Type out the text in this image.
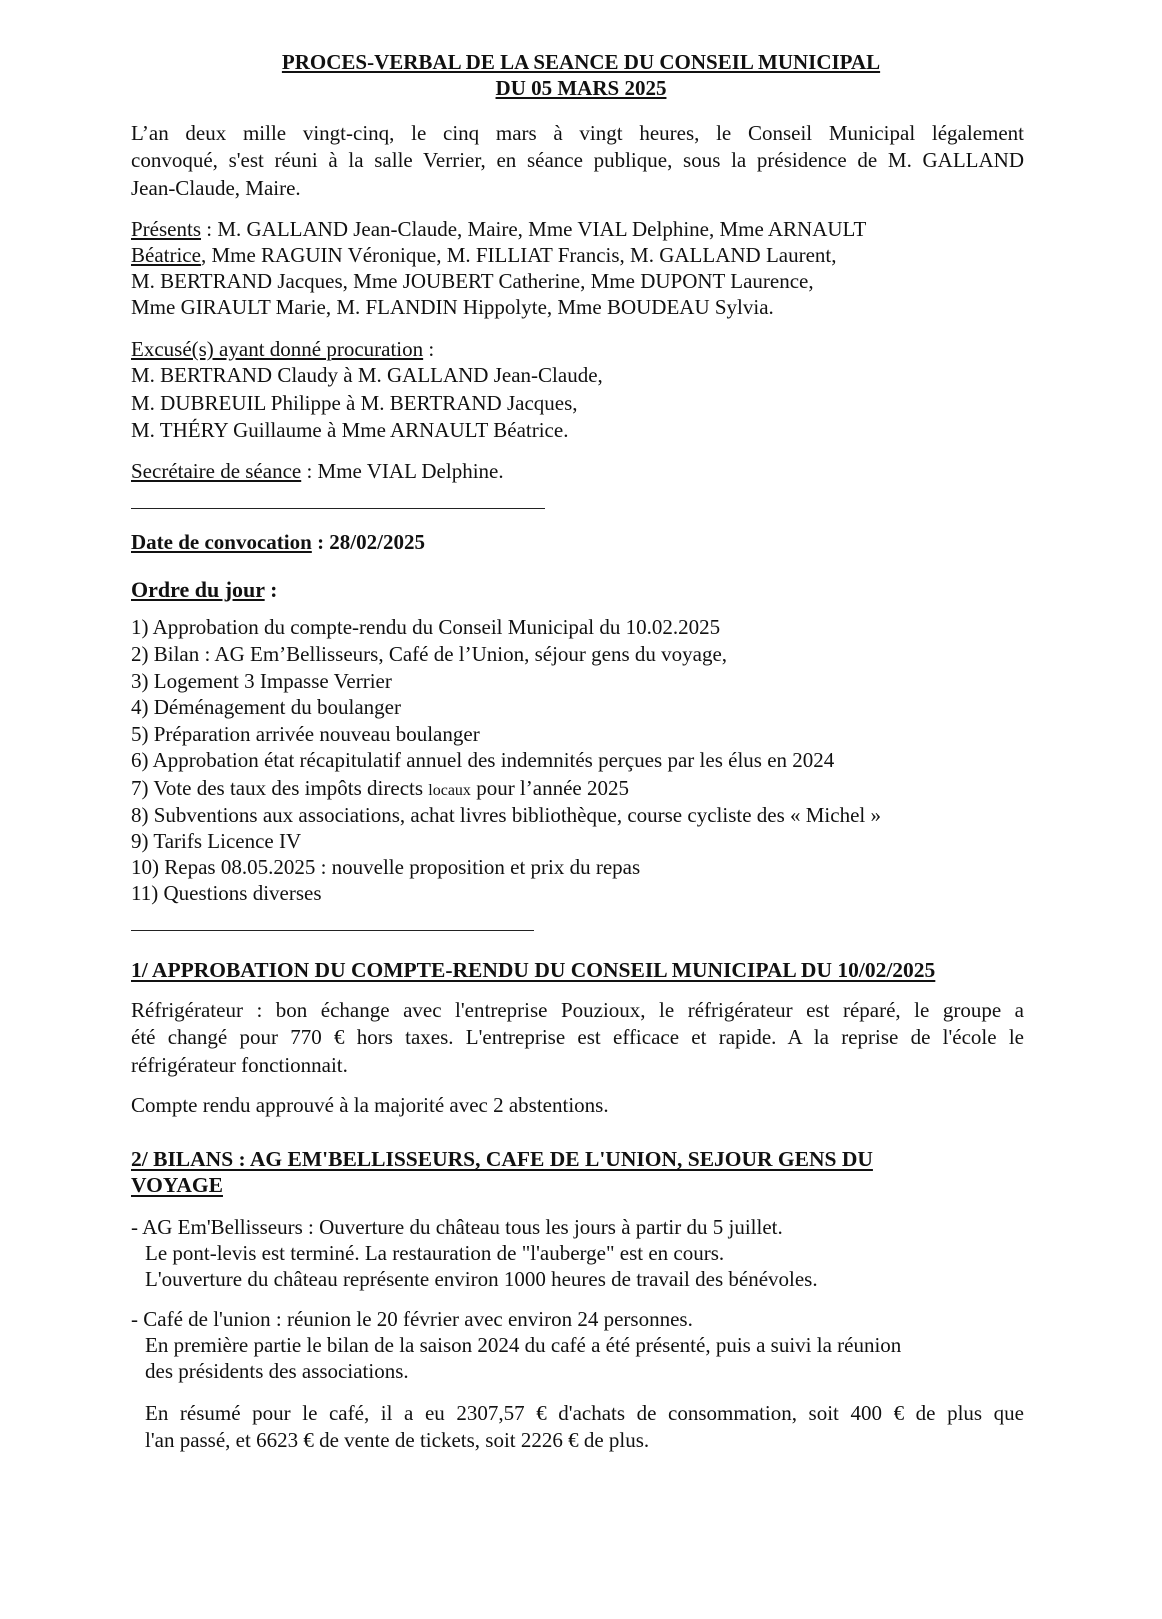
PROCES-VERBAL DE LA SEANCE DU CONSEIL MUNICIPAL
DU 05 MARS 2025
L’an deux mille vingt-cinq, le cinq mars à vingt heures, le Conseil Municipal légalement
convoqué, s'est réuni à la salle Verrier, en séance publique, sous la présidence de M. GALLAND
Jean-Claude, Maire.
Présents : M. GALLAND Jean-Claude, Maire, Mme VIAL Delphine, Mme ARNAULT
Béatrice, Mme RAGUIN Véronique, M. FILLIAT Francis, M. GALLAND Laurent,
M. BERTRAND Jacques, Mme JOUBERT Catherine, Mme DUPONT Laurence,
Mme GIRAULT Marie, M. FLANDIN Hippolyte, Mme BOUDEAU Sylvia.
Excusé(s) ayant donné procuration :
M. BERTRAND Claudy à M. GALLAND Jean-Claude,
M. DUBREUIL Philippe à M. BERTRAND Jacques,
M. THÉRY Guillaume à Mme ARNAULT Béatrice.
Secrétaire de séance : Mme VIAL Delphine.
Date de convocation : 28/02/2025
Ordre du jour :
1) Approbation du compte-rendu du Conseil Municipal du 10.02.2025
2) Bilan : AG Em’Bellisseurs, Café de l’Union, séjour gens du voyage,
3) Logement 3 Impasse Verrier
4) Déménagement du boulanger
5) Préparation arrivée nouveau boulanger
6) Approbation état récapitulatif annuel des indemnités perçues par les élus en 2024
7) Vote des taux des impôts directs locaux pour l’année 2025
8) Subventions aux associations, achat livres bibliothèque, course cycliste des « Michel »
9) Tarifs Licence IV
10) Repas 08.05.2025 : nouvelle proposition et prix du repas
11) Questions diverses
1/ APPROBATION DU COMPTE-RENDU DU CONSEIL MUNICIPAL DU 10/02/2025
Réfrigérateur : bon échange avec l'entreprise Pouzioux, le réfrigérateur est réparé, le groupe a
été changé pour 770 € hors taxes. L'entreprise est efficace et rapide. A la reprise de l'école le
réfrigérateur fonctionnait.
Compte rendu approuvé à la majorité avec 2 abstentions.
2/ BILANS : AG EM'BELLISSEURS, CAFE DE L'UNION, SEJOUR GENS DU
VOYAGE
- AG Em'Bellisseurs : Ouverture du château tous les jours à partir du 5 juillet.
Le pont-levis est terminé. La restauration de "l'auberge" est en cours.
L'ouverture du château représente environ 1000 heures de travail des bénévoles.
- Café de l'union : réunion le 20 février avec environ 24 personnes.
En première partie le bilan de la saison 2024 du café a été présenté, puis a suivi la réunion
des présidents des associations.
En résumé pour le café, il a eu 2307,57 € d'achats de consommation, soit 400 € de plus que
l'an passé, et 6623 € de vente de tickets, soit 2226 € de plus.
